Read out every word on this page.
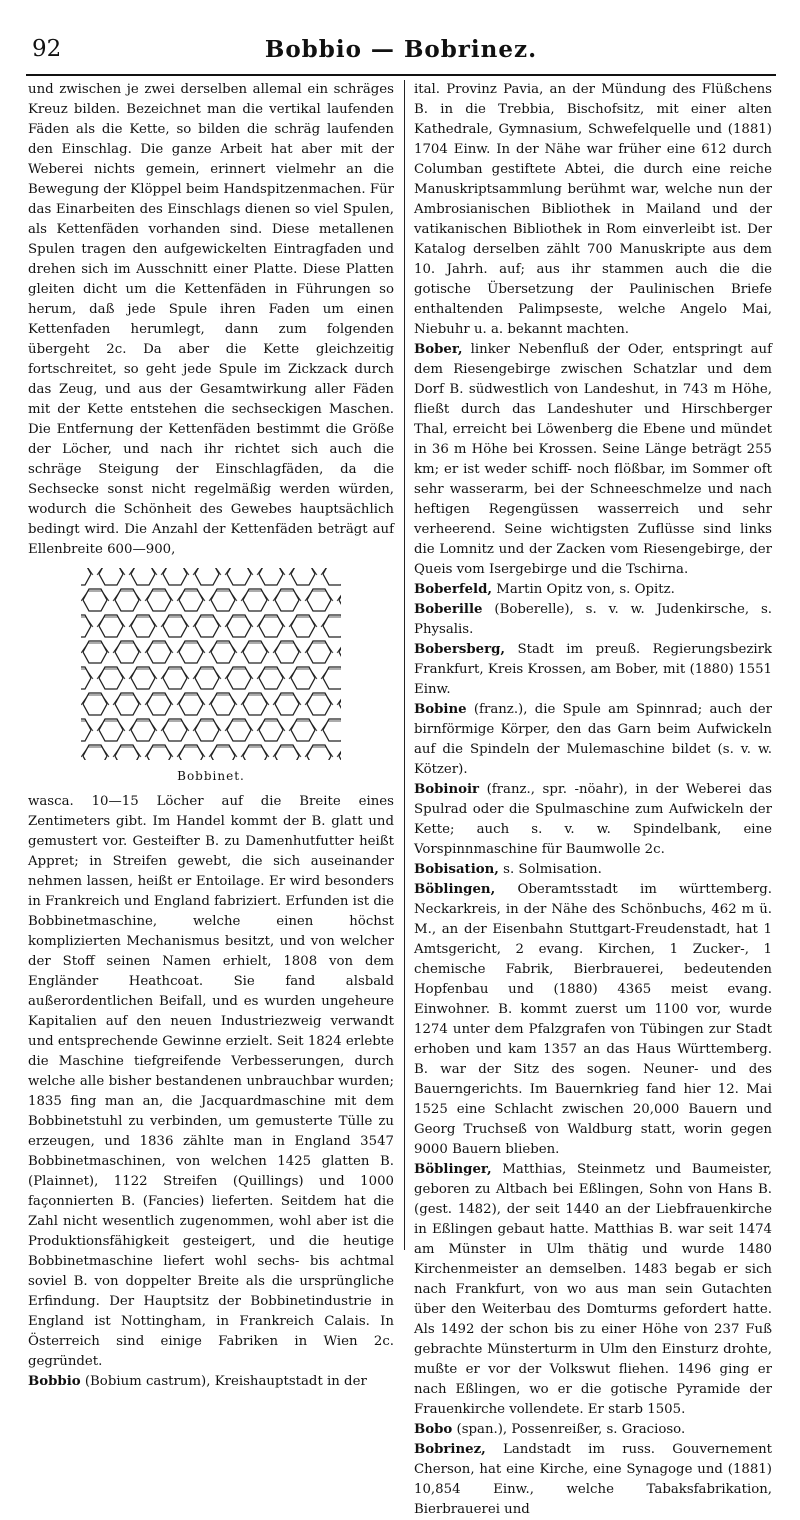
92	Bobbio — Bobrinez.

und zwischen je zwei derselben allemal ein schräges Kreuz bilden. Bezeichnet man die vertikal laufenden Fäden als die Kette, so bilden die schräg laufenden den Einschlag. Die ganze Arbeit hat aber mit der Weberei nichts gemein, erinnert vielmehr an die Bewegung der Klöppel beim Handspitzenmachen. Für das Einarbeiten des Einschlags dienen so viel Spulen, als Kettenfäden vorhanden sind. Diese metallenen Spulen tragen den aufgewickelten Eintragfaden und drehen sich im Ausschnitt einer Platte. Diese Platten gleiten dicht um die Kettenfäden in Führungen so herum, daß jede Spule ihren Faden um einen Kettenfaden herumlegt, dann zum folgenden übergeht 2c. Da aber die Kette gleichzeitig fortschreitet, so geht jede Spule im Zickzack durch das Zeug, und aus der Gesamtwirkung aller Fäden mit der Kette entstehen die sechseckigen Maschen. Die Entfernung der Kettenfäden bestimmt die Größe der Löcher, und nach ihr richtet sich auch die schräge Steigung der Einschlagfäden, da die Sechsecke sonst nicht regelmäßig werden würden, wodurch die Schönheit des Gewebes hauptsächlich bedingt wird. Die Anzahl der Kettenfäden beträgt auf Ellenbreite 600—900,

Bobbinet.

wasca. 10—15 Löcher auf die Breite eines Zentimeters gibt. Im Handel kommt der B. glatt und gemustert vor. Gesteifter B. zu Damenhutfutter heißt Appret; in Streifen gewebt, die sich auseinander nehmen lassen, heißt er Entoilage. Er wird besonders in Frankreich und England fabriziert. Erfunden ist die Bobbinetmaschine, welche einen höchst komplizierten Mechanismus besitzt, und von welcher der Stoff seinen Namen erhielt, 1808 von dem Engländer Heathcoat. Sie fand alsbald außerordentlichen Beifall, und es wurden ungeheure Kapitalien auf den neuen Industriezweig verwandt und entsprechende Gewinne erzielt. Seit 1824 erlebte die Maschine tiefgreifende Verbesserungen, durch welche alle bisher bestandenen unbrauchbar wurden; 1835 fing man an, die Jacquardmaschine mit dem Bobbinetstuhl zu verbinden, um gemusterte Tülle zu erzeugen, und 1836 zählte man in England 3547 Bobbinetmaschinen, von welchen 1425 glatten B. (Plainnet), 1122 Streifen (Quillings) und 1000 façonnierten B. (Fancies) lieferten. Seitdem hat die Zahl nicht wesentlich zugenommen, wohl aber ist die Produktionsfähigkeit gesteigert, und die heutige Bobbinetmaschine liefert wohl sechs- bis achtmal soviel B. von doppelter Breite als die ursprüngliche Erfindung. Der Hauptsitz der Bobbinetindustrie in England ist Nottingham, in Frankreich Calais. In Österreich sind einige Fabriken in Wien 2c. gegründet.

Bobbio (Bobium castrum), Kreishauptstadt in der

ital. Provinz Pavia, an der Mündung des Flüßchens B. in die Trebbia, Bischofsitz, mit einer alten Kathedrale, Gymnasium, Schwefelquelle und (1881) 1704 Einw. In der Nähe war früher eine 612 durch Columban gestiftete Abtei, die durch eine reiche Manuskriptsammlung berühmt war, welche nun der Ambrosianischen Bibliothek in Mailand und der vatikanischen Bibliothek in Rom einverleibt ist. Der Katalog derselben zählt 700 Manuskripte aus dem 10. Jahrh. auf; aus ihr stammen auch die die gotische Übersetzung der Paulinischen Briefe enthaltenden Palimpseste, welche Angelo Mai, Niebuhr u. a. bekannt machten.

Bober, linker Nebenfluß der Oder, entspringt auf dem Riesengebirge zwischen Schatzlar und dem Dorf B. südwestlich von Landeshut, in 743 m Höhe, fließt durch das Landeshuter und Hirschberger Thal, erreicht bei Löwenberg die Ebene und mündet in 36 m Höhe bei Krossen. Seine Länge beträgt 255 km; er ist weder schiff- noch flößbar, im Sommer oft sehr wasserarm, bei der Schneeschmelze und nach heftigen Regengüssen wasserreich und sehr verheerend. Seine wichtigsten Zuflüsse sind links die Lomnitz und der Zacken vom Riesengebirge, der Queis vom Isergebirge und die Tschirna.

Boberfeld, Martin Opitz von, s. Opitz.

Boberille (Boberelle), s. v. w. Judenkirsche, s. Physalis.

Bobersberg, Stadt im preuß. Regierungsbezirk Frankfurt, Kreis Krossen, am Bober, mit (1880) 1551 Einw.

Bobine (franz.), die Spule am Spinnrad; auch der birnförmige Körper, den das Garn beim Aufwickeln auf die Spindeln der Mulemaschine bildet (s. v. w. Kötzer).

Bobinoir (franz., spr. -nöahr), in der Weberei das Spulrad oder die Spulmaschine zum Aufwickeln der Kette; auch s. v. w. Spindelbank, eine Vorspinnmaschine für Baumwolle 2c.

Bobisation, s. Solmisation.

Böblingen, Oberamtsstadt im württemberg. Neckarkreis, in der Nähe des Schönbuchs, 462 m ü. M., an der Eisenbahn Stuttgart-Freudenstadt, hat 1 Amtsgericht, 2 evang. Kirchen, 1 Zucker-, 1 chemische Fabrik, Bierbrauerei, bedeutenden Hopfenbau und (1880) 4365 meist evang. Einwohner. B. kommt zuerst um 1100 vor, wurde 1274 unter dem Pfalzgrafen von Tübingen zur Stadt erhoben und kam 1357 an das Haus Württemberg. B. war der Sitz des sogen. Neuner- und des Bauerngerichts. Im Bauernkrieg fand hier 12. Mai 1525 eine Schlacht zwischen 20,000 Bauern und Georg Truchseß von Waldburg statt, worin gegen 9000 Bauern blieben.

Böblinger, Matthias, Steinmetz und Baumeister, geboren zu Altbach bei Eßlingen, Sohn von Hans B. (gest. 1482), der seit 1440 an der Liebfrauenkirche in Eßlingen gebaut hatte. Matthias B. war seit 1474 am Münster in Ulm thätig und wurde 1480 Kirchenmeister an demselben. 1483 begab er sich nach Frankfurt, von wo aus man sein Gutachten über den Weiterbau des Domturms gefordert hatte. Als 1492 der schon bis zu einer Höhe von 237 Fuß gebrachte Münsterturm in Ulm den Einsturz drohte, mußte er vor der Volkswut fliehen. 1496 ging er nach Eßlingen, wo er die gotische Pyramide der Frauenkirche vollendete. Er starb 1505.

Bobo (span.), Possenreißer, s. Gracioso.

Bobrinez, Landstadt im russ. Gouvernement Cherson, hat eine Kirche, eine Synagoge und (1881) 10,854 Einw., welche Tabaksfabrikation, Bierbrauerei und
